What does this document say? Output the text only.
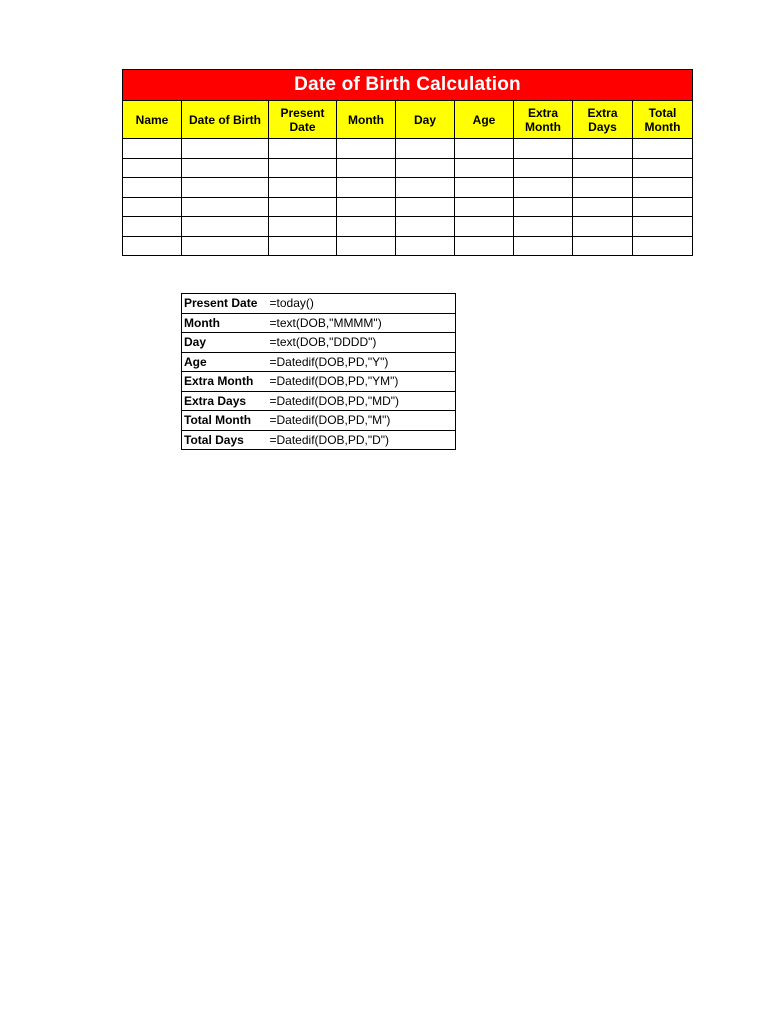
Date of Birth Calculation								
Name	Date of Birth	Present Date	Month	Day	Age	Extra Month	Extra Days	Total Month

Present Date	=today()
Month	=text(DOB,"MMMM")
Day	=text(DOB,"DDDD")
Age	=Datedif(DOB,PD,"Y")
Extra Month	=Datedif(DOB,PD,"YM")
Extra Days	=Datedif(DOB,PD,"MD")
Total Month	=Datedif(DOB,PD,"M")
Total Days	=Datedif(DOB,PD,"D")
